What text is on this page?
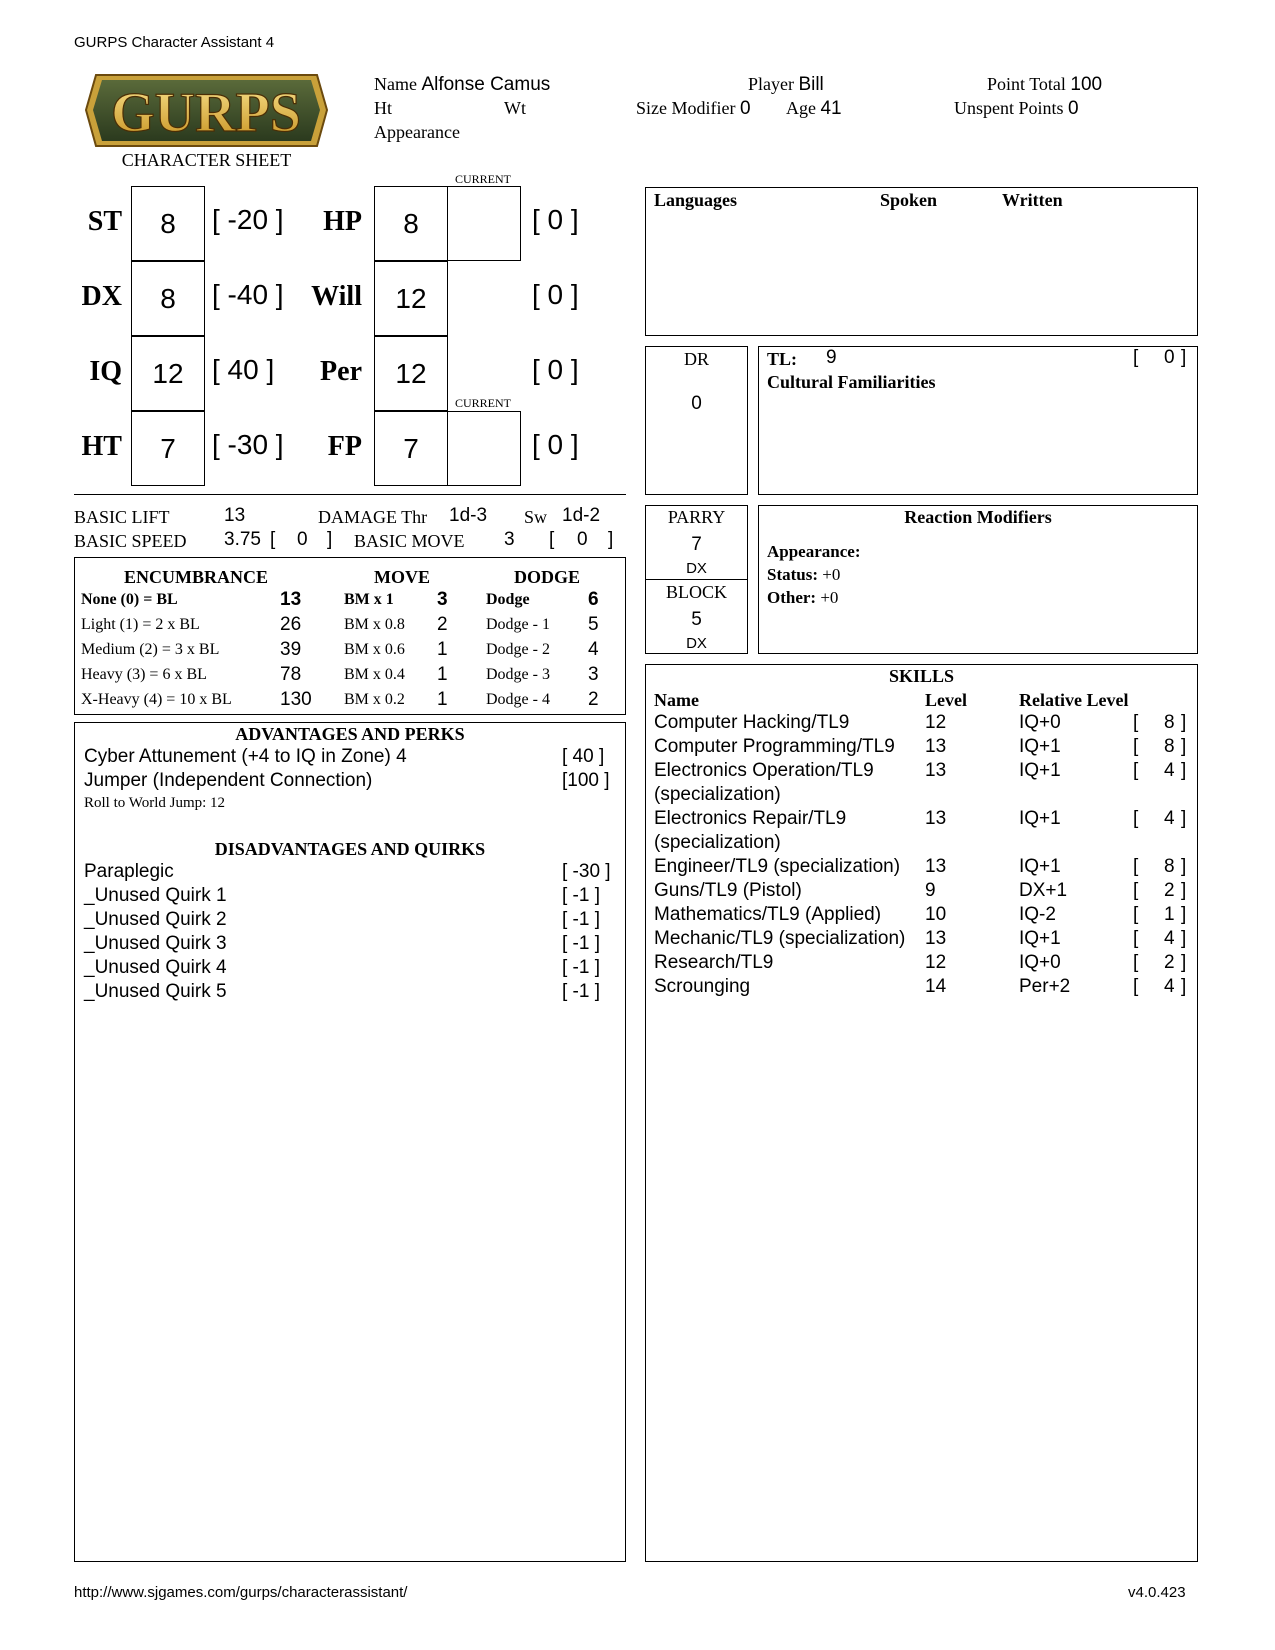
GURPS Character Assistant 4
GURPS
CHARACTER SHEET
Name Alfonse Camus
Ht	Wt
Appearance
Player Bill
Size Modifier 0 Age 41
Point Total 100
Unspent Points 0
CURRENT
CURRENT
ST	8	[ -20 ]
DX	8	[ -40 ]
IQ	12	[ 40 ]
HT	7	[ -30 ]
HP	8	[ 0 ]
Will	12	[ 0 ]
Per	12	[ 0 ]
FP	7	[ 0 ]
BASIC LIFT	13	DAMAGE Thr 1d-3 Sw 1d-2
BASIC SPEED 3.75 [ 0 ] BASIC MOVE 3 [ 0 ]
ENCUMBRANCE	MOVE	DODGE
None (0) = BL	13	BM x 1 3 Dodge	6
Light (1) = 2 x BL	26	BM x 0.8 2 Dodge - 1 5
Medium (2) = 3 x BL	39	BM x 0.6 1 Dodge - 2 4
Heavy (3) = 6 x BL	78	BM x 0.4 1 Dodge - 3 3
X-Heavy (4) = 10 x BL	130 BM x 0.2 1 Dodge - 4 2
ADVANTAGES AND PERKS
Cyber Attunement (+4 to IQ in Zone) 4	[ 40 ]
Jumper (Independent Connection)	[100 ]
Roll to World Jump: 12
DISADVANTAGES AND QUIRKS
Paraplegic	[ -30 ]
_Unused Quirk 1	[ -1 ]
_Unused Quirk 2	[ -1 ]
_Unused Quirk 3	[ -1 ]
_Unused Quirk 4	[ -1 ]
_Unused Quirk 5	[ -1 ]
Languages	Spoken	Written
DR
0
TL: 9	[ 0 ]
Cultural Familiarities
PARRY
7
DX
BLOCK
5
DX
Reaction Modifiers
Appearance:
Status: +0
Other: +0
SKILLS
Name	Level	Relative Level
Computer Hacking/TL9	12	IQ+0	[ 8 ]
Computer Programming/TL9 13	IQ+1	[ 8 ]
Electronics Operation/TL9	13	IQ+1	[ 4 ]
(specialization)
Electronics Repair/TL9	13	IQ+1	[ 4 ]
(specialization)
Engineer/TL9 (specialization) 13	IQ+1	[ 8 ]
Guns/TL9 (Pistol)	9	DX+1	[ 2 ]
Mathematics/TL9 (Applied) 10	IQ-2	[ 1 ]
Mechanic/TL9 (specialization) 13	IQ+1	[ 4 ]
Research/TL9	12	IQ+0	[ 2 ]
Scrounging	14	Per+2	[ 4 ]
http://www.sjgames.com/gurps/characterassistant/	v4.0.423
